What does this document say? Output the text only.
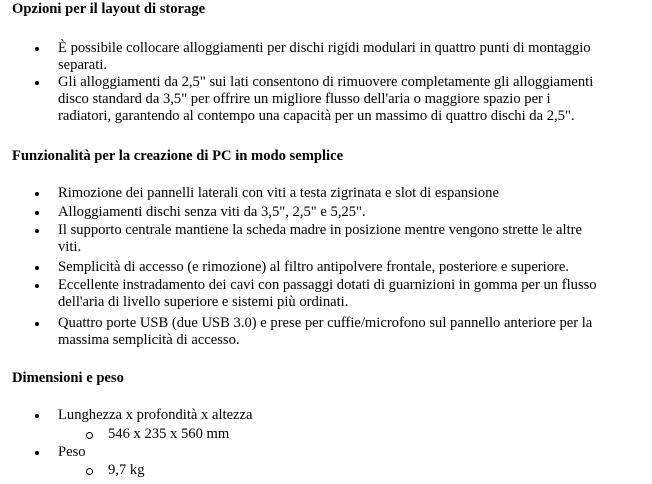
Opzioni per il layout di storage
È possibile collocare alloggiamenti per dischi rigidi modulari in quattro punti di montaggio
separati.
Gli alloggiamenti da 2,5" sui lati consentono di rimuovere completamente gli alloggiamenti
disco standard da 3,5" per offrire un migliore flusso dell'aria o maggiore spazio per i
radiatori, garantendo al contempo una capacità per un massimo di quattro dischi da 2,5".
Funzionalità per la creazione di PC in modo semplice
Rimozione dei pannelli laterali con viti a testa zigrinata e slot di espansione
Alloggiamenti dischi senza viti da 3,5", 2,5" e 5,25".
Il supporto centrale mantiene la scheda madre in posizione mentre vengono strette le altre
viti.
Semplicità di accesso (e rimozione) al filtro antipolvere frontale, posteriore e superiore.
Eccellente instradamento dei cavi con passaggi dotati di guarnizioni in gomma per un flusso
dell'aria di livello superiore e sistemi più ordinati.
Quattro porte USB (due USB 3.0) e prese per cuffie/microfono sul pannello anteriore per la
massima semplicità di accesso.
Dimensioni e peso
Lunghezza x profondità x altezza
546 x 235 x 560 mm
Peso
9,7 kg
